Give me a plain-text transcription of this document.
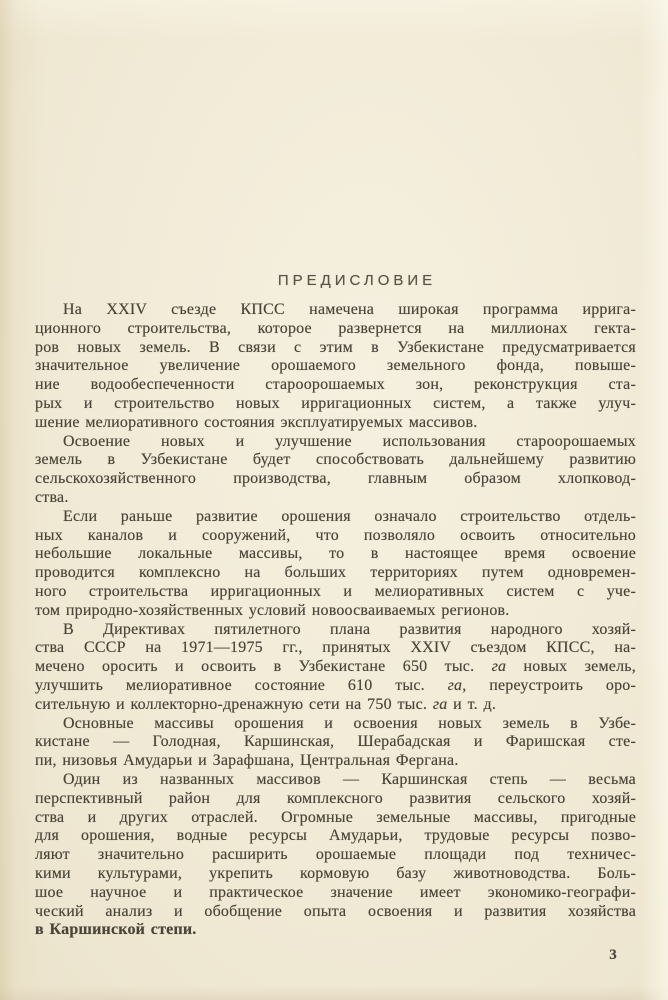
ПРЕДИСЛОВИЕ
На XXIV съезде КПСС намечена широкая программа иррига-
ционного строительства, которое развернется на миллионах гекта-
ров новых земель. В связи с этим в Узбекистане предусматривается
значительное увеличение орошаемого земельного фонда, повыше-
ние водообеспеченности староорошаемых зон, реконструкция ста-
рых и строительство новых ирригационных систем, а также улуч-
шение мелиоративного состояния эксплуатируемых массивов.
Освоение новых и улучшение использования староорошаемых
земель в Узбекистане будет способствовать дальнейшему развитию
сельскохозяйственного производства, главным образом хлопковод-
ства.
Если раньше развитие орошения означало строительство отдель-
ных каналов и сооружений, что позволяло освоить относительно
небольшие локальные массивы, то в настоящее время освоение
проводится комплексно на больших территориях путем одновремен-
ного строительства ирригационных и мелиоративных систем с уче-
том природно-хозяйственных условий новоосваиваемых регионов.
В Директивах пятилетного плана развития народного хозяй-
ства СССР на 1971—1975 гг., принятых XXIV съездом КПСС, на-
мечено оросить и освоить в Узбекистане 650 тыс. га новых земель,
улучшить мелиоративное состояние 610 тыс. га, переустроить оро-
сительную и коллекторно-дренажную сети на 750 тыс. га и т. д.
Основные массивы орошения и освоения новых земель в Узбе-
кистане — Голодная, Каршинская, Шерабадская и Фаришская сте-
пи, низовья Амударьи и Зарафшана, Центральная Фергана.
Один из названных массивов — Каршинская степь — весьма
перспективный район для комплексного развития сельского хозяй-
ства и других отраслей. Огромные земельные массивы, пригодные
для орошения, водные ресурсы Амударьи, трудовые ресурсы позво-
ляют значительно расширить орошаемые площади под техничес-
кими культурами, укрепить кормовую базу животноводства. Боль-
шое научное и практическое значение имеет экономико-географи-
ческий анализ и обобщение опыта освоения и развития хозяйства
в Каршинской степи.
3
